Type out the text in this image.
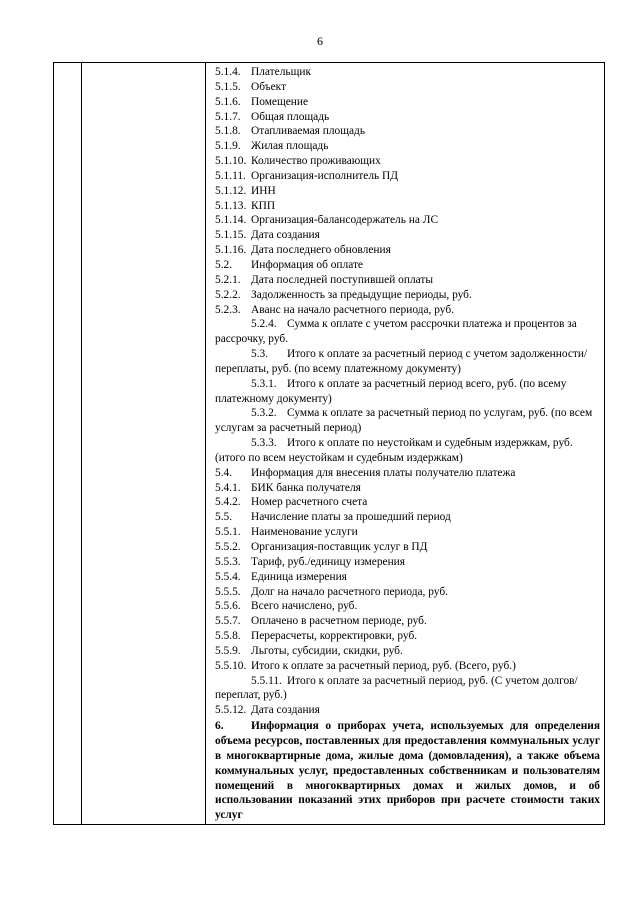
6

5.1.4. Плательщик
5.1.5. Объект
5.1.6. Помещение
5.1.7. Общая площадь
5.1.8. Отапливаемая площадь
5.1.9. Жилая площадь
5.1.10. Количество проживающих
5.1.11. Организация-исполнитель ПД
5.1.12. ИНН
5.1.13. КПП
5.1.14. Организация-балансодержатель на ЛС
5.1.15. Дата создания
5.1.16. Дата последнего обновления
5.2. Информация об оплате
5.2.1. Дата последней поступившей оплаты
5.2.2. Задолженность за предыдущие периоды, руб.
5.2.3. Аванс на начало расчетного периода, руб.
5.2.4. Сумма к оплате с учетом рассрочки платежа и процентов за рассрочку, руб.
5.3. Итого к оплате за расчетный период с учетом задолженности/переплаты, руб. (по всему платежному документу)
5.3.1. Итого к оплате за расчетный период всего, руб. (по всему платежному документу)
5.3.2. Сумма к оплате за расчетный период по услугам, руб. (по всем услугам за расчетный период)
5.3.3. Итого к оплате по неустойкам и судебным издержкам, руб. (итого по всем неустойкам и судебным издержкам)
5.4. Информация для внесения платы получателю платежа
5.4.1. БИК банка получателя
5.4.2. Номер расчетного счета
5.5. Начисление платы за прошедший период
5.5.1. Наименование услуги
5.5.2. Организация-поставщик услуг в ПД
5.5.3. Тариф, руб./единицу измерения
5.5.4. Единица измерения
5.5.5. Долг на начало расчетного периода, руб.
5.5.6. Всего начислено, руб.
5.5.7. Оплачено в расчетном периоде, руб.
5.5.8. Перерасчеты, корректировки, руб.
5.5.9. Льготы, субсидии, скидки, руб.
5.5.10. Итого к оплате за расчетный период, руб. (Всего, руб.)
5.5.11. Итого к оплате за расчетный период, руб. (С учетом долгов/переплат, руб.)
5.5.12. Дата создания
6. Информация о приборах учета, используемых для определения объема ресурсов, поставленных для предоставления коммунальных услуг в многоквартирные дома, жилые дома (домовладения), а также объема коммунальных услуг, предоставленных собственникам и пользователям помещений в многоквартирных домах и жилых домов, и об использовании показаний этих приборов при расчете стоимости таких услуг
